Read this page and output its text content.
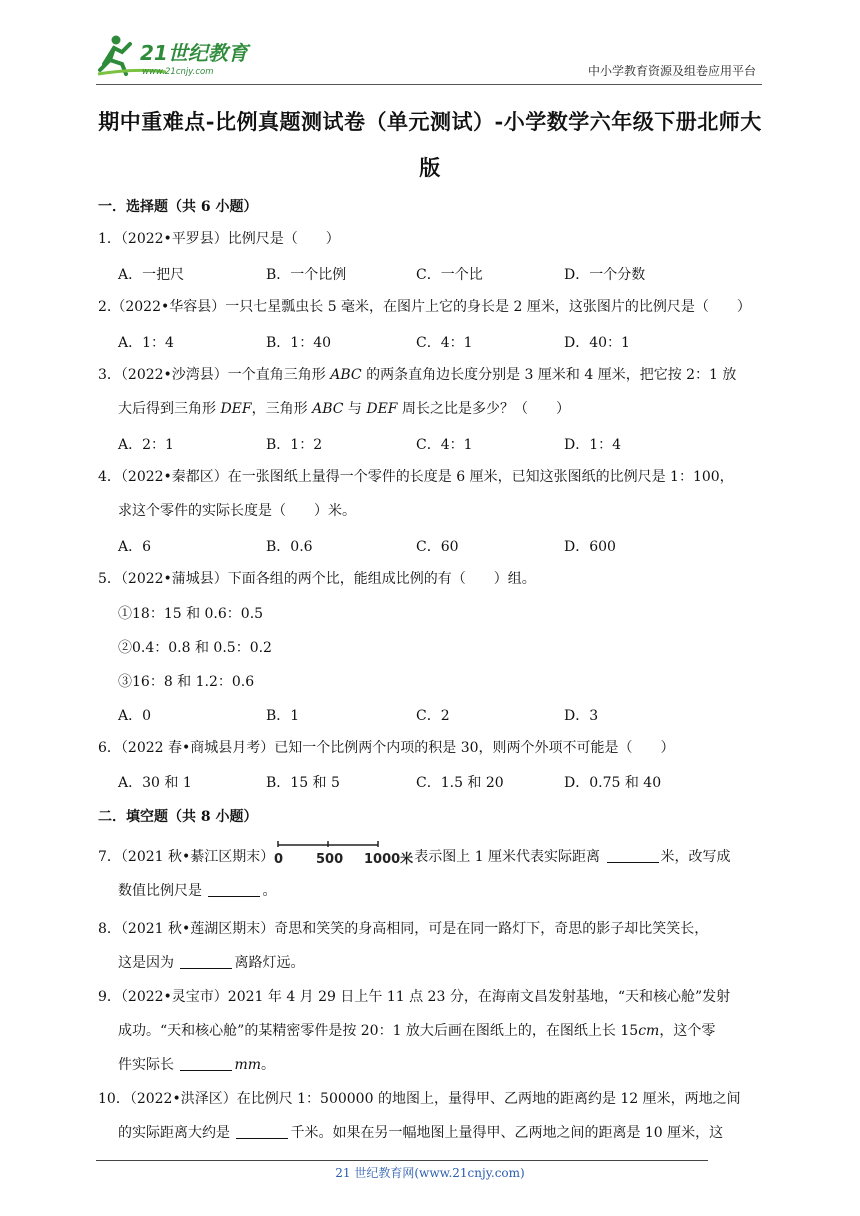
21世纪教育
www.21cnjy.com	中小学教育资源及组卷应用平台
期中重难点-比例真题测试卷（单元测试）-小学数学六年级下册北师大
版
一．选择题（共 6 小题）
1．（2022•平罗县）比例尺是（　　）
A．一把尺	B．一个比例	C．一个比	D．一个分数
2.（2022•华容县）一只七星瓢虫长 5 毫米，在图片上它的身长是 2 厘米，这张图片的比例尺是（　　）
A．1：4	B．1：40	C．4：1	D．40：1
3．（2022•沙湾县）一个直角三角形 ABC 的两条直角边长度分别是 3 厘米和 4 厘米，把它按 2：1 放
大后得到三角形 DEF，三角形 ABC 与 DEF 周长之比是多少？（　　）
A．2：1	B．1：2	C．4：1	D．1：4
4．（2022•秦都区）在一张图纸上量得一个零件的长度是 6 厘米，已知这张图纸的比例尺是 1：100，
求这个零件的实际长度是（　　）米。
A．6	B．0.6	C．60	D．600
5．（2022•蒲城县）下面各组的两个比，能组成比例的有（　　）组。
①18：15 和 0.6：0.5
②0.4：0.8 和 0.5：0.2
③16：8 和 1.2：0.6
A．0	B．1	C．2	D．3
6．（2022 春•商城县月考）已知一个比例两个内项的积是 30，则两个外项不可能是（　　）
A．30 和 1	B．15 和 5	C．1.5 和 20	D．0.75 和 40
二．填空题（共 8 小题）
7．（2021 秋•綦江区期末） 0	500 1000米 表示图上 1 厘米代表实际距离	米，改写成
数值比例尺是	。
8．（2021 秋•莲湖区期末）奇思和笑笑的身高相同，可是在同一路灯下，奇思的影子却比笑笑长，
这是因为	离路灯远。
9．（2022•灵宝市）2021 年 4 月 29 日上午 11 点 23 分，在海南文昌发射基地，“天和核心舱”发射
成功。“天和核心舱”的某精密零件是按 20：1 放大后画在图纸上的，在图纸上长 15cm，这个零
件实际长	mm。
10．（2022•洪泽区）在比例尺 1：500000 的地图上，量得甲、乙两地的距离约是 12 厘米，两地之间
的实际距离大约是	千米。如果在另一幅地图上量得甲、乙两地之间的距离是 10 厘米，这
21 世纪教育网(www.21cnjy.com)
